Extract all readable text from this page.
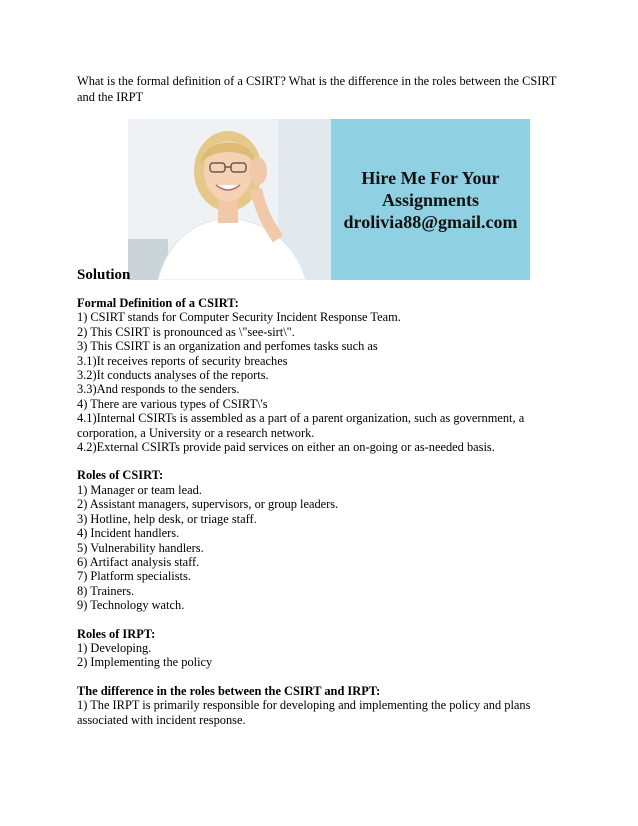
What is the formal definition of a CSIRT? What is the difference in the roles between the CSIRT and the IRPT

Hire Me For Your
Assignments
drolivia88@gmail.com

Solution

Formal Definition of a CSIRT:

1) CSIRT stands for Computer Security Incident Response Team.

2) This CSIRT is pronounced as \"see-sirt\".

3) This CSIRT is an organization and perfomes tasks such as

3.1)It receives reports of security breaches

3.2)It conducts analyses of the reports.

3.3)And responds to the senders.

4) There are various types of CSIRT\'s

4.1)Internal CSIRTs is assembled as a part of a parent organization, such as government, a corporation, a University or a research network.

4.2)External CSIRTs provide paid services on either an on-going or as-needed basis.

Roles of CSIRT:

1) Manager or team lead.

2) Assistant managers, supervisors, or group leaders.

3) Hotline, help desk, or triage staff.

4) Incident handlers.

5) Vulnerability handlers.

6) Artifact analysis staff.

7) Platform specialists.

8) Trainers.

9) Technology watch.

Roles of IRPT:

1) Developing.

2) Implementing the policy

The difference in the roles between the CSIRT and IRPT:

1) The IRPT is primarily responsible for developing and implementing the policy and plans associated with incident response.
